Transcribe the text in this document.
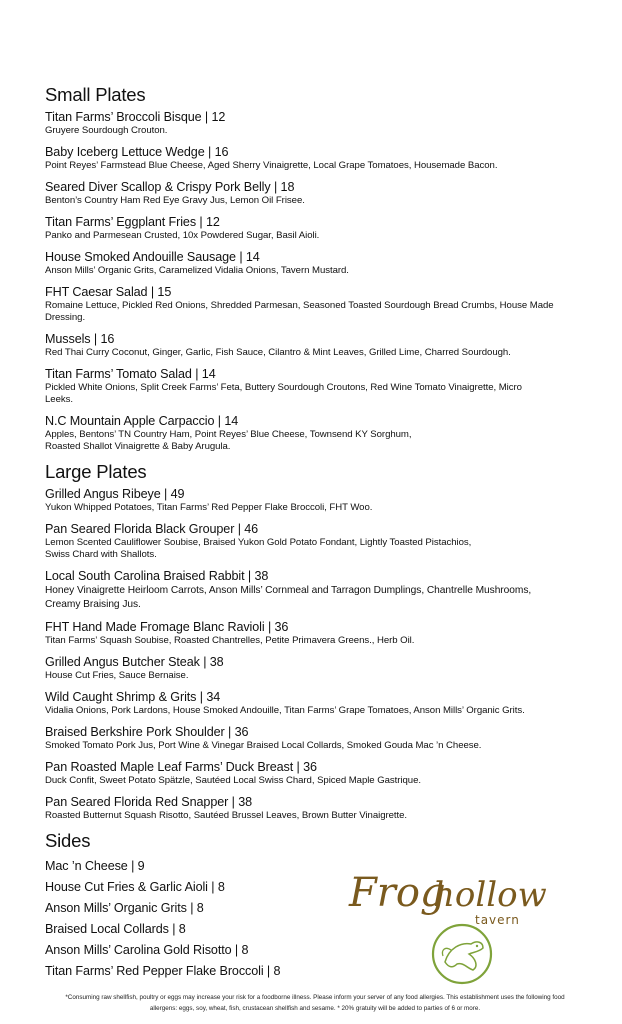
Small Plates
Titan Farms’ Broccoli Bisque | 12
Gruyere Sourdough Crouton.
Baby Iceberg Lettuce Wedge | 16
Point Reyes’ Farmstead Blue Cheese, Aged Sherry Vinaigrette, Local Grape Tomatoes, Housemade Bacon.
Seared Diver Scallop & Crispy Pork Belly | 18
Benton’s Country Ham Red Eye Gravy Jus, Lemon Oil Frisee.
Titan Farms’ Eggplant Fries | 12
Panko and Parmesean Crusted, 10x Powdered Sugar, Basil Aioli.
House Smoked Andouille Sausage | 14
Anson Mills’ Organic Grits, Caramelized Vidalia Onions, Tavern Mustard.
FHT Caesar Salad | 15
Romaine Lettuce, Pickled Red Onions, Shredded Parmesan, Seasoned Toasted Sourdough Bread Crumbs, House Made Dressing.
Mussels | 16
Red Thai Curry Coconut, Ginger, Garlic, Fish Sauce, Cilantro & Mint Leaves, Grilled Lime, Charred Sourdough.
Titan Farms’ Tomato Salad | 14
Pickled White Onions, Split Creek Farms’ Feta, Buttery Sourdough Croutons, Red Wine Tomato Vinaigrette, Micro Leeks.
N.C Mountain Apple Carpaccio | 14
Apples, Bentons’ TN Country Ham, Point Reyes’ Blue Cheese, Townsend KY Sorghum,
Roasted Shallot Vinaigrette & Baby Arugula.
Large Plates
Grilled Angus Ribeye | 49
Yukon Whipped Potatoes, Titan Farms’ Red Pepper Flake Broccoli, FHT Woo.
Pan Seared Florida Black Grouper | 46
Lemon Scented Cauliflower Soubise, Braised Yukon Gold Potato Fondant, Lightly Toasted Pistachios,
Swiss Chard with Shallots.
Local South Carolina Braised Rabbit | 38
Honey Vinaigrette Heirloom Carrots, Anson Mills’ Cornmeal and Tarragon Dumplings, Chantrelle Mushrooms,
Creamy Braising Jus.
FHT Hand Made Fromage Blanc Ravioli | 36
Titan Farms’ Squash Soubise, Roasted Chantrelles, Petite Primavera Greens., Herb Oil.
Grilled Angus Butcher Steak | 38
House Cut Fries, Sauce Bernaise.
Wild Caught Shrimp & Grits | 34
Vidalia Onions, Pork Lardons, House Smoked Andouille, Titan Farms’ Grape Tomatoes, Anson Mills’ Organic Grits.
Braised Berkshire Pork Shoulder | 36
Smoked Tomato Pork Jus, Port Wine & Vinegar Braised Local Collards, Smoked Gouda Mac ’n Cheese.
Pan Roasted Maple Leaf Farms’ Duck Breast | 36
Duck Confit, Sweet Potato Spätzle, Sautéed Local Swiss Chard, Spiced Maple Gastrique.
Pan Seared Florida Red Snapper | 38
Roasted Butternut Squash Risotto, Sautéed Brussel Leaves, Brown Butter Vinaigrette.
Sides
Mac ’n Cheese | 9
House Cut Fries & Garlic Aioli | 8
Anson Mills’ Organic Grits | 8
Braised Local Collards | 8
Anson Mills’ Carolina Gold Risotto | 8
Titan Farms’ Red Pepper Flake Broccoli | 8
Frog
hollow
tavern
*Consuming raw shellfish, poultry or eggs may increase your risk for a foodborne illness. Please inform your server of any food allergies. This establishment uses the following food
allergens: eggs, soy, wheat, fish, crustacean shellfish and sesame. * 20% gratuity will be added to parties of 6 or more.
